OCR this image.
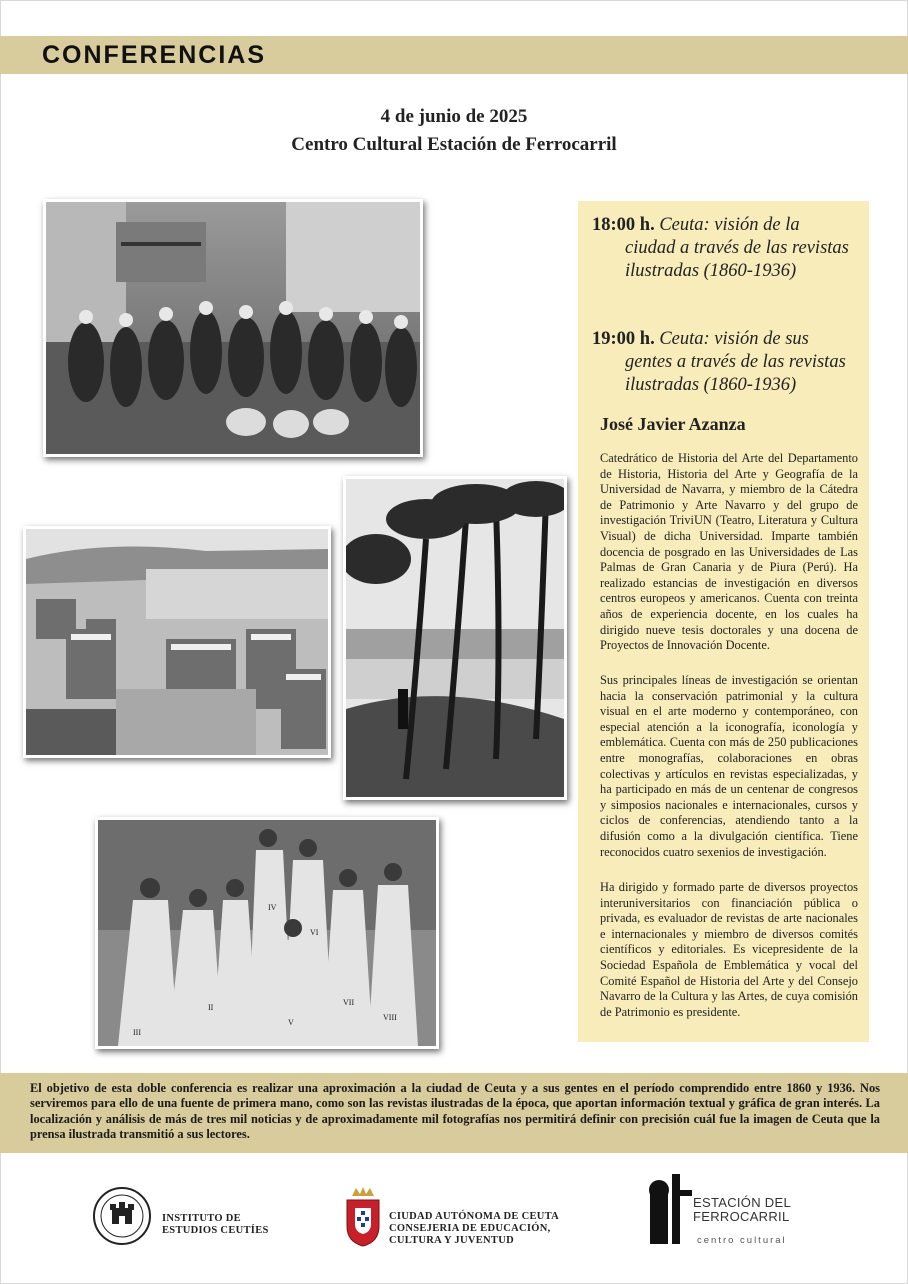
CONFERENCIAS
4 de junio de 2025
Centro Cultural Estación de Ferrocarril
II
III
IV
V
VI
VII
VIII
18:00 h. Ceuta: visión de la
ciudad a través de las revistas
ilustradas (1860-1936)
19:00 h. Ceuta: visión de sus
gentes a través de las revistas
ilustradas (1860-1936)
José Javier Azanza
Catedrático de Historia del Arte del Departamento de Historia, Historia del Arte y Geografía de la Universidad de Navarra, y miembro de la Cátedra de Patrimonio y Arte Navarro y del grupo de investigación TriviUN (Teatro, Literatura y Cultura Visual) de dicha Universidad. Imparte también docencia de posgrado en las Universidades de Las Palmas de Gran Canaria y de Piura (Perú). Ha realizado estancias de investigación en diversos centros europeos y americanos. Cuenta con treinta años de experiencia docente, en los cuales ha dirigido nueve tesis doctorales y una docena de Proyectos de Innovación Docente.
Sus principales líneas de investigación se orientan hacia la conservación patrimonial y la cultura visual en el arte moderno y contemporáneo, con especial atención a la iconografía, iconología y emblemática. Cuenta con más de 250 publicaciones entre monografías, colaboraciones en obras colectivas y artículos en revistas especializadas, y ha participado en más de un centenar de congresos y simposios nacionales e internacionales, cursos y ciclos de conferencias, atendiendo tanto a la difusión como a la divulgación científica. Tiene reconocidos cuatro sexenios de investigación.
Ha dirigido y formado parte de diversos proyectos interuniversitarios con financiación pública o privada, es evaluador de revistas de arte nacionales e internacionales y miembro de diversos comités científicos y editoriales. Es vicepresidente de la Sociedad Española de Emblemática y vocal del Comité Español de Historia del Arte y del Consejo Navarro de la Cultura y las Artes, de cuya comisión de Patrimonio es presidente.
El objetivo de esta doble conferencia es realizar una aproximación a la ciudad de Ceuta y a sus gentes en el período comprendido entre 1860 y 1936. Nos serviremos para ello de una fuente de primera mano, como son las revistas ilustradas de la época, que aportan información textual y gráfica de gran interés. La localización y análisis de más de tres mil noticias y de aproximadamente mil fotografías nos permitirá definir con precisión cuál fue la imagen de Ceuta que la prensa ilustrada transmitió a sus lectores.
INSTITUTO DE
ESTUDIOS CEUTÍES
CIUDAD AUTÓNOMA DE CEUTA
CONSEJERIA DE EDUCACIÓN,
CULTURA Y JUVENTUD
ESTACIÓN DEL
FERROCARRIL
centro cultural
